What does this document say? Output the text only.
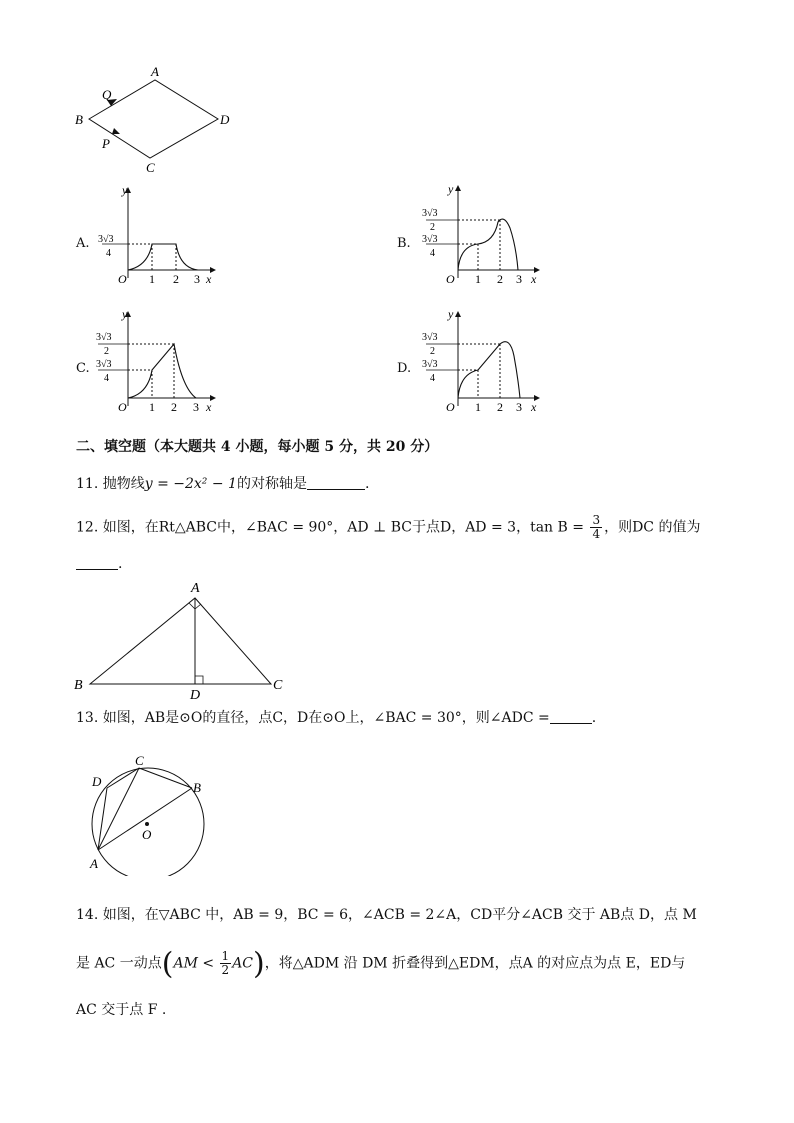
A
B
C
D
Q
P
A.	B.
C.	D.
y
x
O 1 2 3
3√3
4
y
x
O 1 2 3
3√3
2
3√3
4
y
x
O 1 2 3
3√3
2
3√3
4
y
x
O 1 2 3
3√3
2
3√3
4
二、填空题（本大题共 4 小题，每小题 5 分，共 20 分）
11. 抛物线y = −2x² − 1的对称轴是	.
12. 如图，在Rt△ABC中，∠BAC = 90°，AD ⊥ BC于点D，AD = 3，$\tan B = \frac{3}{4}$ ，则DC 的值为
.
A
B	C
D
13. 如图，AB是⊙O的直径，点C，D在⊙O上，∠BAC = 30°，则∠ADC =	.
A
B
C
D
O
14. 如图，在▽ABC 中，AB = 9，BC = 6，∠ACB = 2∠A，CD平分∠ACB 交于 AB点 D，点 M
是 AC 一动点$(AM < \frac{1}{2} AC)$，将△ADM 沿 DM 折叠得到△EDM，点A 的对应点为点 E，ED与
AC 交于点 F .
